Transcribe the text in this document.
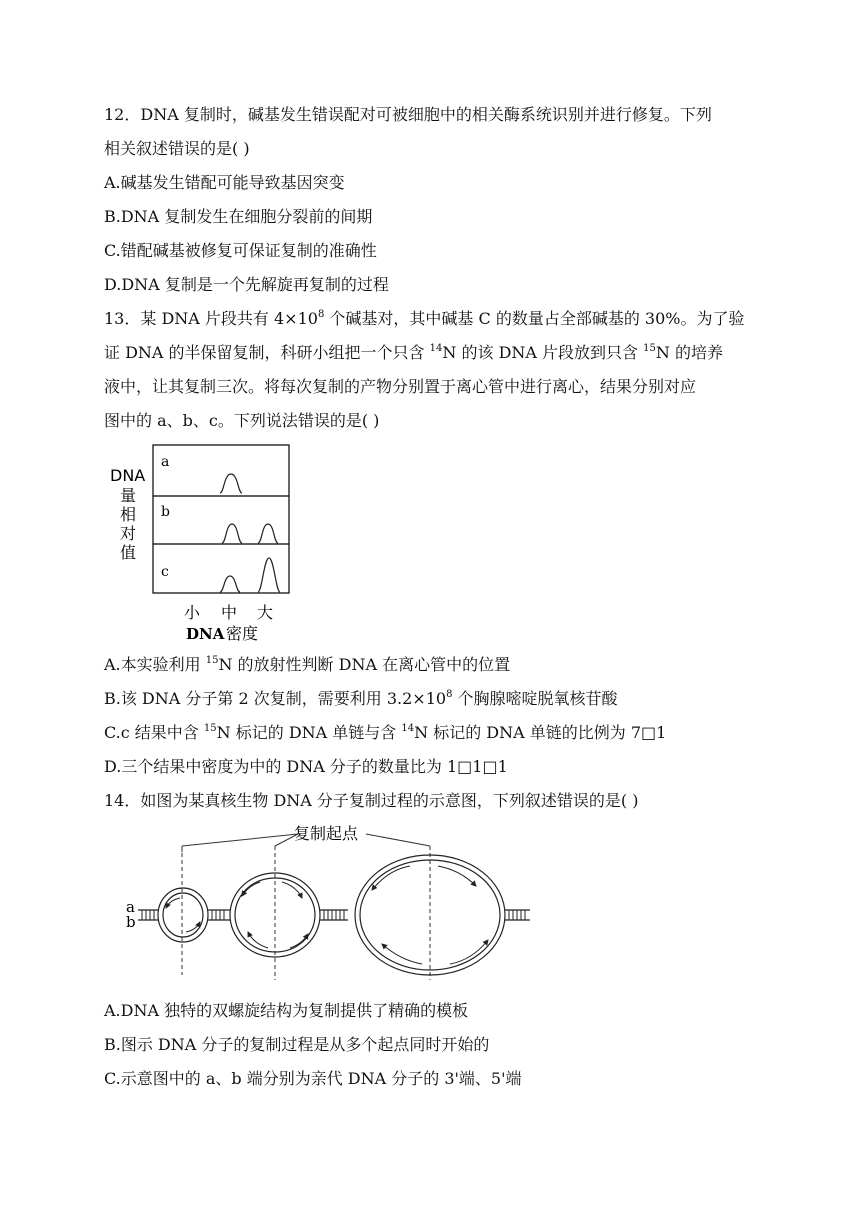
12．DNA 复制时，碱基发生错误配对可被细胞中的相关酶系统识别并进行修复。下列
相关叙述错误的是( )
A.碱基发生错配可能导致基因突变
B.DNA 复制发生在细胞分裂前的间期
C.错配碱基被修复可保证复制的准确性
D.DNA 复制是一个先解旋再复制的过程
13．某 DNA 片段共有 $4\times 10^8$ 个碱基对，其中碱基 C 的数量占全部碱基的 30%。为了验
证 DNA 的半保留复制，科研小组把一个只含 $^{14}$N 的该 DNA 片段放到只含 $^{15}$N 的培养
液中，让其复制三次。将每次复制的产物分别置于离心管中进行离心，结果分别对应
图中的 a、b、c。下列说法错误的是( )
DNA
量
相
对
值
a
b
c
小 中 大
DNA 密度
A.本实验利用 $^{15}$N 的放射性判断 DNA 在离心管中的位置
B.该 DNA 分子第 2 次复制，需要利用 $3.2\times 10^8$ 个胸腺嘧啶脱氧核苷酸
C.c 结果中含 $^{15}$N 标记的 DNA 单链与含 $^{14}$N 标记的 DNA 单链的比例为 7□1
D.三个结果中密度为中的 DNA 分子的数量比为 1□1□1
14．如图为某真核生物 DNA 分子复制过程的示意图，下列叙述错误的是( )
复制起点
a
b
A.DNA 独特的双螺旋结构为复制提供了精确的模板
B.图示 DNA 分子的复制过程是从多个起点同时开始的
C.示意图中的 a、b 端分别为亲代 DNA 分子的 3'端、5'端
